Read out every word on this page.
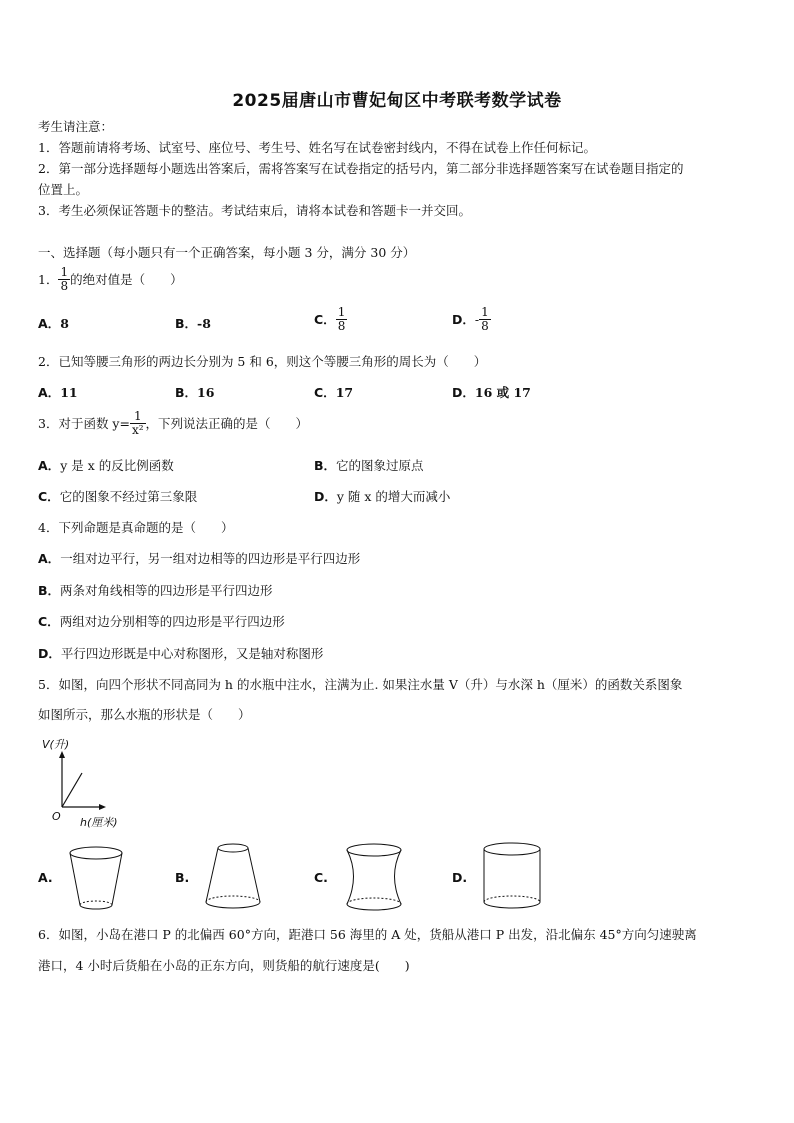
2025届唐山市曹妃甸区中考联考数学试卷
考生请注意：
1．答题前请将考场、试室号、座位号、考生号、姓名写在试卷密封线内，不得在试卷上作任何标记。
2．第一部分选择题每小题选出答案后，需将答案写在试卷指定的括号内，第二部分非选择题答案写在试卷题目指定的
位置上。
3．考生必须保证答题卡的整洁。考试结束后，请将本试卷和答题卡一并交回。
一、选择题（每小题只有一个正确答案，每小题 3 分，满分 30 分）
1． $\frac{1}{8}$ 的绝对值是（　　）
A．8	B．-8	C． $\frac{1}{8}$	D． - $\frac{1}{8}$
2．已知等腰三角形的两边长分别为 5 和 6，则这个等腰三角形的周长为（　　）
A．11	B．16	C．17	D．16 或 17
3．对于函数 $y= \frac{1}{\text{x²}}$ ，下列说法正确的是（　　）
A．y 是 x 的反比例函数	B．它的图象过原点
C．它的图象不经过第三象限	D．y 随 x 的增大而减小
4．下列命题是真命题的是（　　）
A．一组对边平行，另一组对边相等的四边形是平行四边形
B．两条对角线相等的四边形是平行四边形
C．两组对边分别相等的四边形是平行四边形
D．平行四边形既是中心对称图形，又是轴对称图形
5．如图，向四个形状不同高同为 h 的水瓶中注水，注满为止. 如果注水量 V（升）与水深 h（厘米）的函数关系图象
如图所示，那么水瓶的形状是（　　）
V(升)
O h(厘米)
A.	B.	C.	D.
6．如图，小岛在港口 P 的北偏西 60°方向，距港口 56 海里的 A 处，货船从港口 P 出发，沿北偏东 45°方向匀速驶离
港口，4 小时后货船在小岛的正东方向，则货船的航行速度是(　　)
